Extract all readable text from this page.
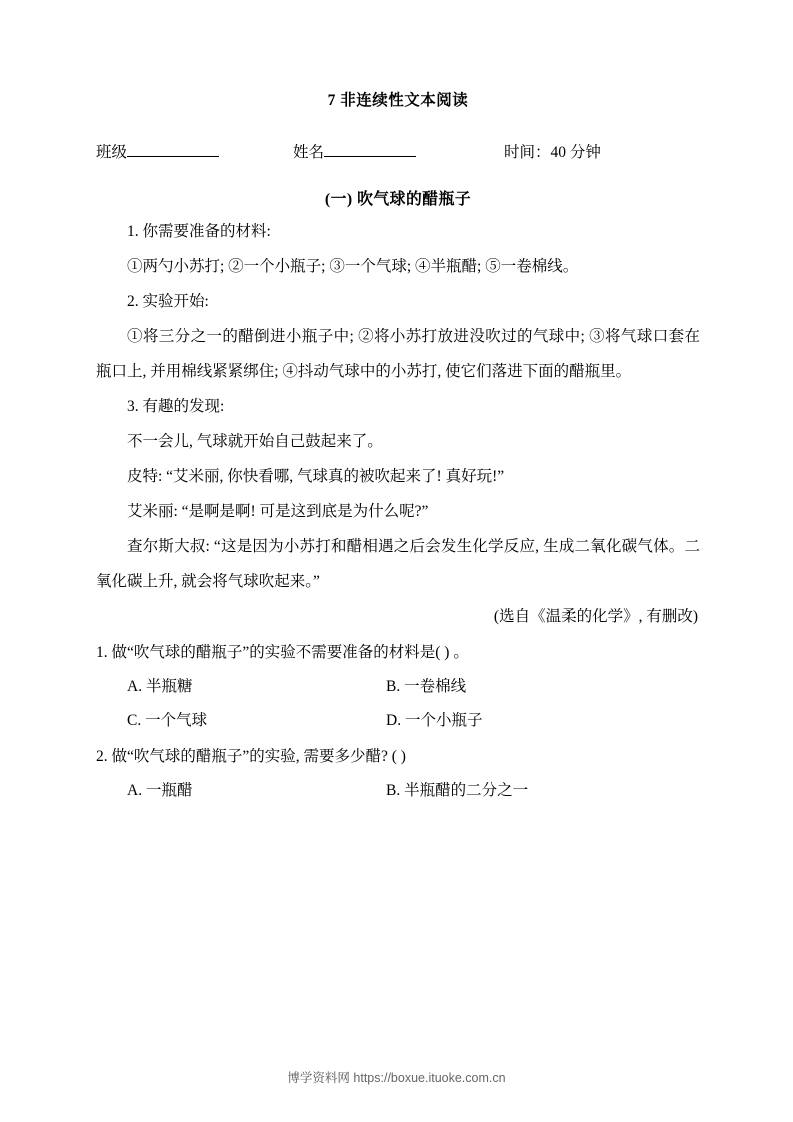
7 非连续性文本阅读
班级	姓名	时间：40 分钟
(一) 吹气球的醋瓶子

1. 你需要准备的材料:

①两勺小苏打; ②一个小瓶子; ③一个气球; ④半瓶醋; ⑤一卷棉线。

2. 实验开始:

①将三分之一的醋倒进小瓶子中; ②将小苏打放进没吹过的气球中; ③将气球口套在瓶口上, 并用棉线紧紧绑住; ④抖动气球中的小苏打, 使它们落进下面的醋瓶里。

3. 有趣的发现:

不一会儿, 气球就开始自己鼓起来了。

皮特: “艾米丽, 你快看哪, 气球真的被吹起来了! 真好玩!”

艾米丽: “是啊是啊! 可是这到底是为什么呢?”

查尔斯大叔: “这是因为小苏打和醋相遇之后会发生化学反应, 生成二氧化碳气体。二氧化碳上升, 就会将气球吹起来。”

(选自《温柔的化学》, 有删改)

1. 做“吹气球的醋瓶子”的实验不需要准备的材料是( ) 。

A. 半瓶糖	B. 一卷棉线
C. 一个气球	D. 一个小瓶子

2. 做“吹气球的醋瓶子”的实验, 需要多少醋? ( )

A. 一瓶醋	B. 半瓶醋的二分之一
博学资料网 https://boxue.ituoke.com.cn
